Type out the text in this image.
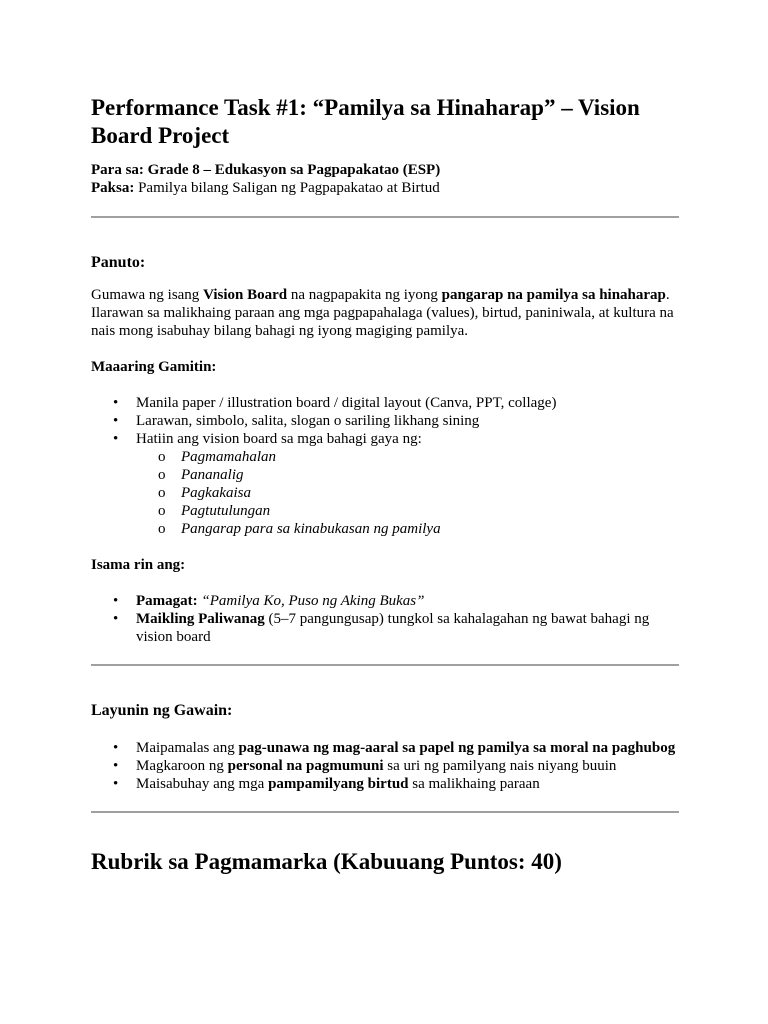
Performance Task #1: “Pamilya sa Hinaharap” – Vision
Board Project

Para sa: Grade 8 – Edukasyon sa Pagpapakatao (ESP)

Paksa: Pamilya bilang Saligan ng Pagpapakatao at Birtud

Panuto:

Gumawa ng isang Vision Board na nagpapakita ng iyong pangarap na pamilya sa hinaharap.
Ilarawan sa malikhaing paraan ang mga pagpapahalaga (values), birtud, paniniwala, at kultura na
nais mong isabuhay bilang bahagi ng iyong magiging pamilya.

Maaaring Gamitin:

• Manila paper / illustration board / digital layout (Canva, PPT, collage)
• Larawan, simbolo, salita, slogan o sariling likhang sining
• Hatiin ang vision board sa mga bahagi gaya ng:
o Pagmamahalan
o Pananalig
o Pagkakaisa
o Pagtutulungan
o Pangarap para sa kinabukasan ng pamilya

Isama rin ang:

• Pamagat: “Pamilya Ko, Puso ng Aking Bukas”
• Maikling Paliwanag (5–7 pangungusap) tungkol sa kahalagahan ng bawat bahagi ng
vision board
Layunin ng Gawain:
• Maipamalas ang pag-unawa ng mag-aaral sa papel ng pamilya sa moral na paghubog
• Magkaroon ng personal na pagmumuni sa uri ng pamilyang nais niyang buuin
• Maisabuhay ang mga pampamilyang birtud sa malikhaing paraan
Rubrik sa Pagmamarka (Kabuuang Puntos: 40)
